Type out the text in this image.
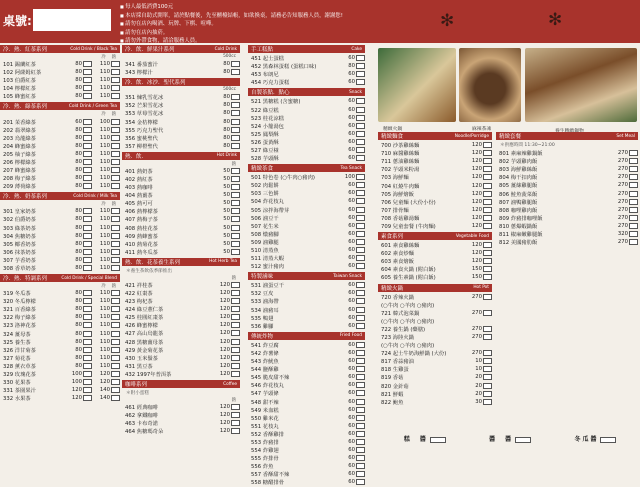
桌號:
■ 每人最低消費100元
■ 本店採自助式開單，請於點餐後，先至櫃檯結帳，如欲換桌，請務必告知服務人員，謝謝您!
■ 請勿在店內喝酒、玩牌、下棋、喧嘩。
■ 請勿在店內抽菸。
■ 請勿外帶食物，請洽服務人員。
✻	✻
冷．熱．紅茶系列	Cold Drink / Black Tea
冷 熱
101 錫蘭紅茶	80	110
102 阿薩姆紅茶	80	110
103 伯爵紅茶	80	110
104 檸檬紅茶	80	110
105 蜂蜜紅茶	80	110
冷．熱．綠茶系列	Cold Drink / Green Tea
冷 熱
201 茉香綠茶	60	100
202 翡翠綠茶	80	110
203 烏龍綠茶	80	110
204 蜂蜜綠茶	80	110
205 柚子綠茶	80	110
206 檸檬綠茶	80	110
207 蜂蜜綠茶	80	110
208 梅子綠茶	80	110
209 薄荷綠茶	80	110
冷．熱．奶茶系列	Cold Drink / Milk Tea
冷 熱
301 皇家奶茶	80	110
302 伯爵奶茶	80	110
303 綠茶奶茶	80	110
304 焦糖奶茶	80	110
305 椰香奶茶	80	110
306 抹茶奶茶	80	110
307 芋香奶茶	80	110
308 香草奶茶	80	110
冷．熱．特調系列	Cold Drink / Special Blend
冷 熱
319 冬瓜茶	80	110
320 冬瓜檸檬	80	110
321 百香綠茶	80	110
322 梅子綠茶	80	110
323 洛神花茶	80	110
324 薑母茶	80	110
325 養生茶	80	110
326 洋甘菊茶	80	110
327 菊花茶	80	110
328 薰衣草茶	80	110
329 玫瑰花茶	100	120
330 花果茶	100	120
331 茶園果汁	120	140
332 水果茶	120	140
冷．飲．鮮果汁系列	Cold Drink
500cc
341 番茄蜜汁	80
343 檸檬汁	80
冷．飲．冰沙．聖代系列
500cc
351 煉乳雪花冰	80
352 芒果雪花冰	80
353 草莓雪花冰	80
354 金桔檸檬	80
355 巧克力聖代	80
356 蜜桃聖代	80
357 柳橙聖代	80
熱．飲．	Hot Drink
熱
401 熱奶茶	50
402 熱紅茶	50
403 熱咖啡	50
404 熱薑茶	50
405 熱可可	50
406 熱檸檬茶	50
407 熱梅子茶	50
408 熱桂花茶	50
409 熱蜂蜜茶	50
410 熱菊花茶	50
411 熱冬瓜茶	50
熱．飲．花茶養生系列	Hot Herb Tea
＊養生茶飲依季節推出
熱
421 祥桂茶	120
422 紅棗茶	120
423 枸杞茶	120
424 綠豆薏仁茶	120
425 桂圓紅棗茶	120
426 蜂蜜檸檬	120
427 高山烏龍茶	120
428 黑糖薑母茶	120
429 黃金菊花茶	120
430 玉米鬚茶	120
431 黑豆茶	120
432 1997年普洱茶	120
咖啡系列	Coffee
＊附小蛋糕
熱
461 經典咖啡	120
462 拿鐵咖啡	120
463 卡布奇諾	120
464 焦糖瑪奇朵	120
手工糕點	Cake
451 起士蛋糕	60
452 黑森林蛋糕 (蛋糕口味)	80
453 布朗尼	60
454 巧克力蛋糕	60
自製茶點．點心	Snack
521 黑糖糕 (含蜜糖)	60
522 綠豆糕	60
523 桂花涼糕	60
524 小籠湯包	60
525 鳳梨酥	60
526 蛋黃酥	60
527 綠豆椪	60
528 芋頭酥	60
精緻茶食	Tea Snack
501 特色卷 (○牛肉○豬肉)	100
502 肉鬆餅	60
503 三色餅	60
504 炸花枝丸	60
505 涼拌海帶芽	60
506 滷豆干	60
507 花生米	60
508 燉豬腳	60
509 滷雞腿	60
510 清蒸魚	60
511 清蒸大蝦	60
512 蜜汁豬肉	60
特製滷味	Taiwan Snack
531 滷蛋豆干	60
532 豆皮	60
533 滷海帶	60
534 滷豬耳	60
535 鴨翅	60
536 雞腳	60
傳統炸物	Fried Food
541 炸豆腐	60
542 炸薯條	60
543 炸魷魚	60
544 鹽酥雞	60
545 脆皮甜不辣	60
546 炸花枝丸	60
547 芋頭條	60
548 甜不辣	60
549 米血糕	60
550 雞米花	60
551 花枝丸	60
552 香酥雞排	60
553 炸豬排	60
554 炸雞翅	60
555 炸排骨	60
556 炸魚	60
557 香酥甜不辣	60
558 糖醋排骨	60
精緻火鍋	麻辣茶凍
精緻麵食	Noodle/Porridge
700 沙茶雞絲麵	120
710 麻醬雞絲麵	120
711 蔥油雞絲麵	120
702 芋頭米粉湯	120
703 海鮮麵	120
704 紅燒牛肉麵	120
705 海鮮燴飯	120
706 兒童麵 (大份小份)	120
707 排骨麵	120
708 香菇雞湯麵	120
709 兒童套餐 (牛肉麵)	120
素食系列	Vegetable Food
601 素食雞絲麵	120
602 素食炒麵	120
603 素食燴飯	120
604 素食火鍋 (附白飯)	150
605 養生素鍋 (附白飯)	150
精緻火鍋	Hot Pot
720 香辣火鍋	270
(○牛肉 ○羊肉 ○豬肉)
721 韓式泡菜鍋	270
(○牛肉 ○羊肉 ○豬肉)
722 養生鍋 (藥膳)	270
723 海陸火鍋	270
(○牛肉 ○羊肉 ○豬肉)
724 起士牛奶海鮮鍋 (大份)	270
817 香蒜豬油	10
818 生雞蛋	10
819 香菇	20
820 金針菇	20
821 鮮蝦	20
822 鮑魚	30
精緻套餐	Set Meal
＊供應時間 11:30~21:00
801 素麻辣雞鍋飯	270
802 芋頭雞肉飯	270
803 海鮮雞絲飯	270
804 梅干扣肉飯	270
805 薑絲雞腿飯	270
806 鮭魚菠菜飯	270
807 滷鴨雞腿飯	270
808 咖哩雞肉飯	270
809 炸豬排咖哩飯	270
810 蔥爆蝦鍋飯	270
811 椒麻嫩雞腿飯	320
812 美國豬肋飯	270
糕　醬	醬　醬	冬瓜醬
